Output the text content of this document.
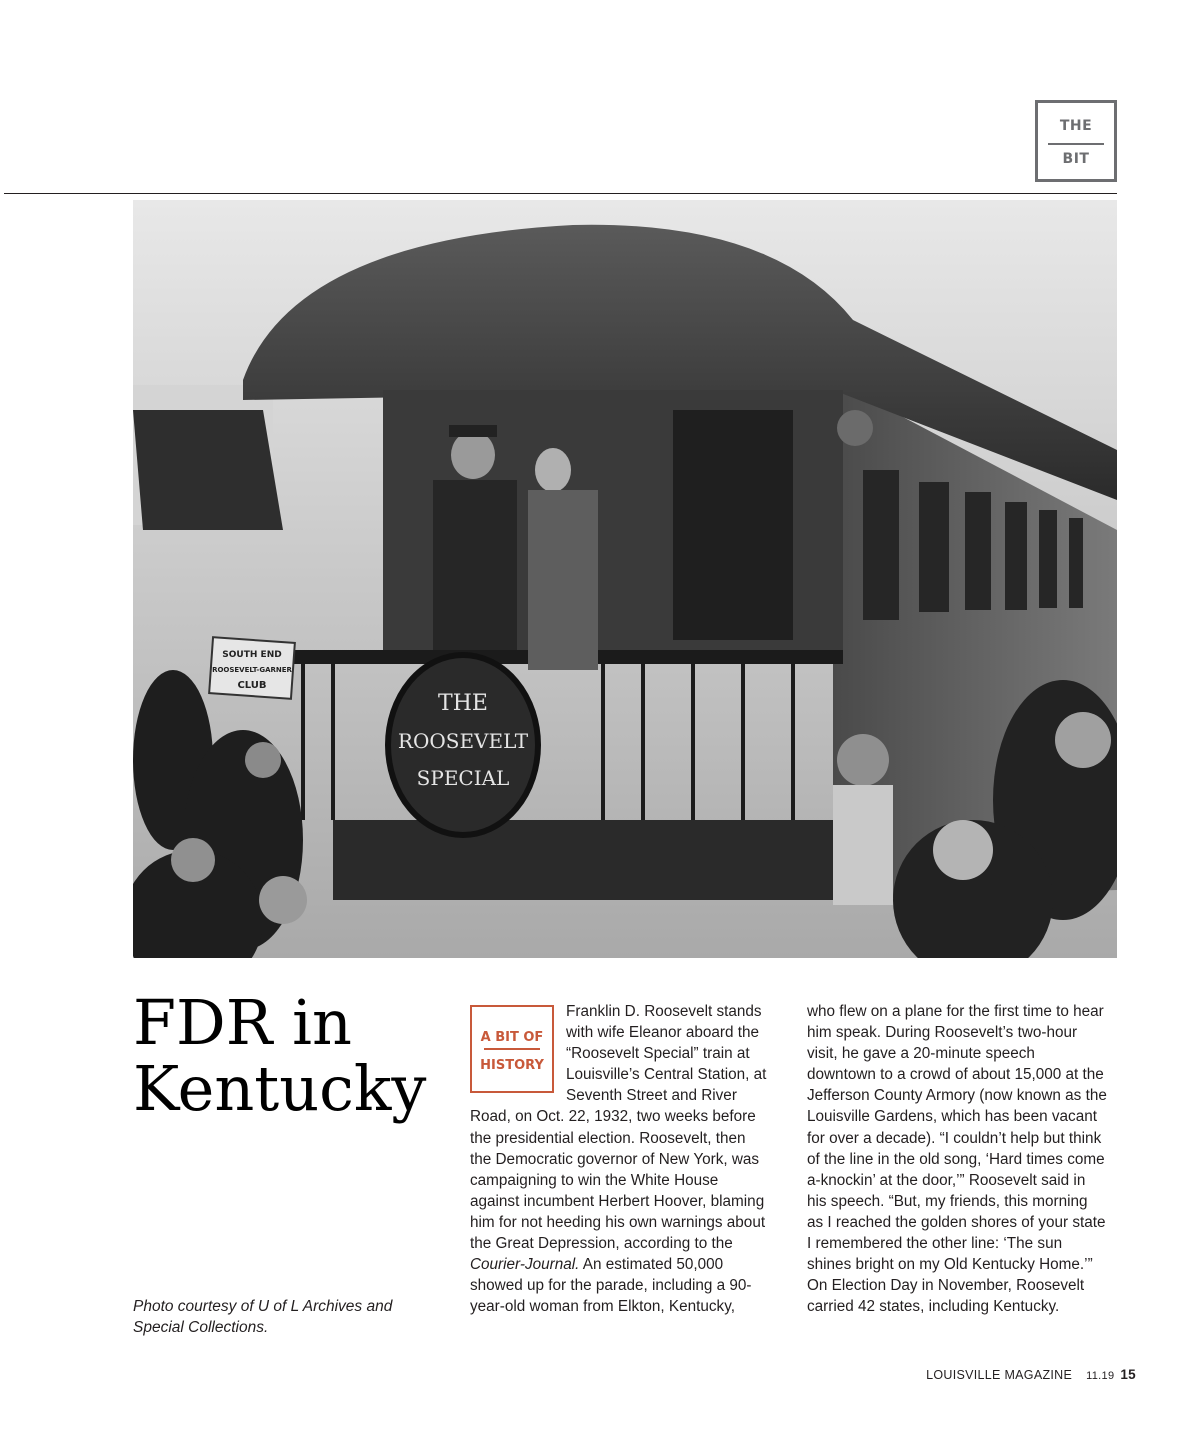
THE
BIT
THE
ROOSEVELT
SPECIAL
SOUTH END
ROOSEVELT-GARNER
CLUB
FDR in
Kentucky
Photo courtesy of U of L Archives and Special Collections.
A BIT OF
HISTORY

Franklin D. Roosevelt stands with wife Eleanor aboard the “Roosevelt Special” train at Louisville’s Central Station, at Seventh Street and River Road, on Oct. 22, 1932, two weeks before the presidential election. Roosevelt, then the Democratic governor of New York, was campaigning to win the White House against incumbent Herbert Hoover, blaming him for not heeding his own warnings about the Great Depression, according to the Courier-Journal. An estimated 50,000 showed up for the parade, including a 90-year-old woman from Elkton, Kentucky,

who flew on a plane for the first time to hear him speak. During Roosevelt’s two-hour visit, he gave a 20-minute speech downtown to a crowd of about 15,000 at the Jefferson County Armory (now known as the Louisville Gardens, which has been vacant for over a decade). “I couldn’t help but think of the line in the old song, ‘Hard times come a-knockin’ at the door,’” Roosevelt said in his speech. “But, my friends, this morning as I reached the golden shores of your state I remembered the other line: ‘The sun shines bright on my Old Kentucky Home.’” On Election Day in November, Roosevelt carried 42 states, including Kentucky.

LOUISVILLE MAGAZINE 11.19 15
